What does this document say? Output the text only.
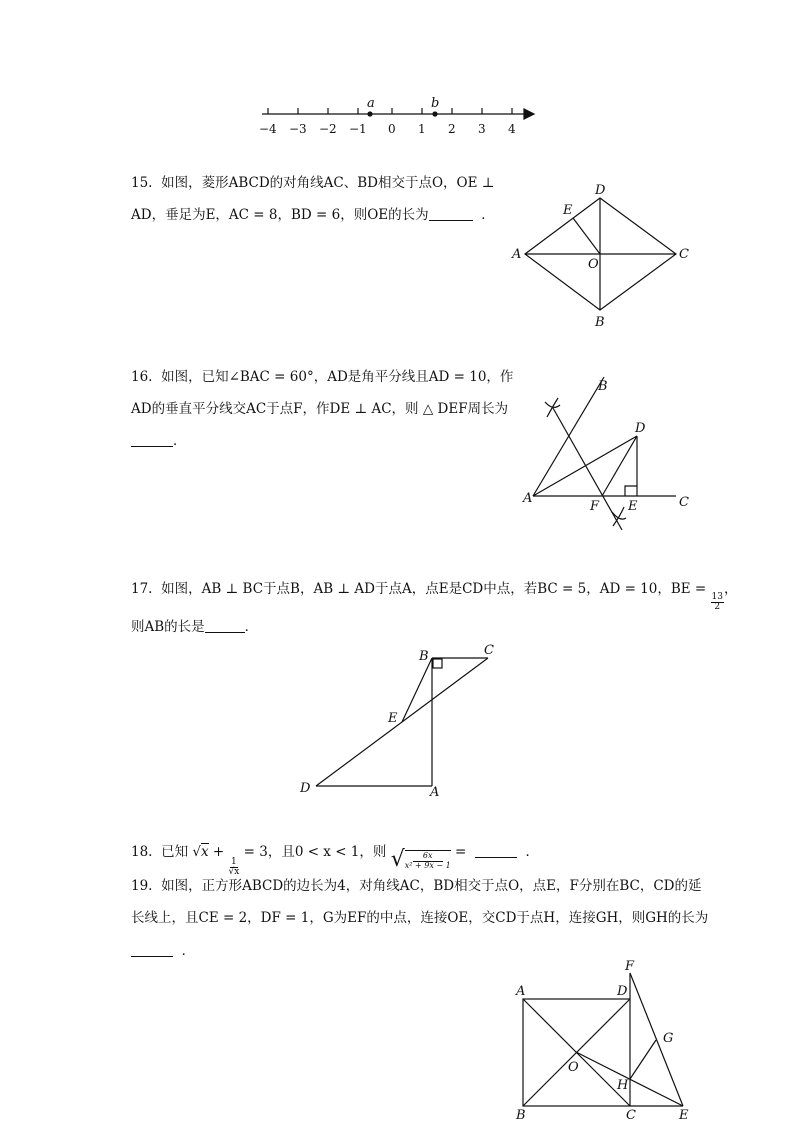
a	b
−4 −3 −2 −1 0 1 2 3 4
15. 如图，菱形ABCD的对角线AC、BD相交于点O，OE ⊥
AD，垂足为E，AC = 8，BD = 6，则OE的长为	．
D
E
A	C
O
B
16. 如图，已知∠BAC = 60°，AD是角平分线且AD = 10，作
AD的垂直平分线交AC于点F，作DE ⊥ AC，则 △ DEF周长为
．
B
D
A
F E	C
17. 如图，AB ⊥ BC于点B，AB ⊥ AD于点A，点E是CD中点，若BC = 5，AD = 10，BE =
$\frac{13}{2}$
，
则AB的长是	．
B	C
E
D	A
18. 已知 √x +
$\frac{1}{√x}$
= 3，且0 < x < 1，则 √ $\frac{6x}{\text{x² + 9x − 1}}$ =	．
19. 如图，正方形ABCD的边长为4，对角线AC，BD相交于点O，点E，F分别在BC，CD的延
长线上，且CE = 2，DF = 1，G为EF的中点，连接OE，交CD于点H，连接GH，则GH的长为
．
F
A	D
G
O
H
B	C	E
